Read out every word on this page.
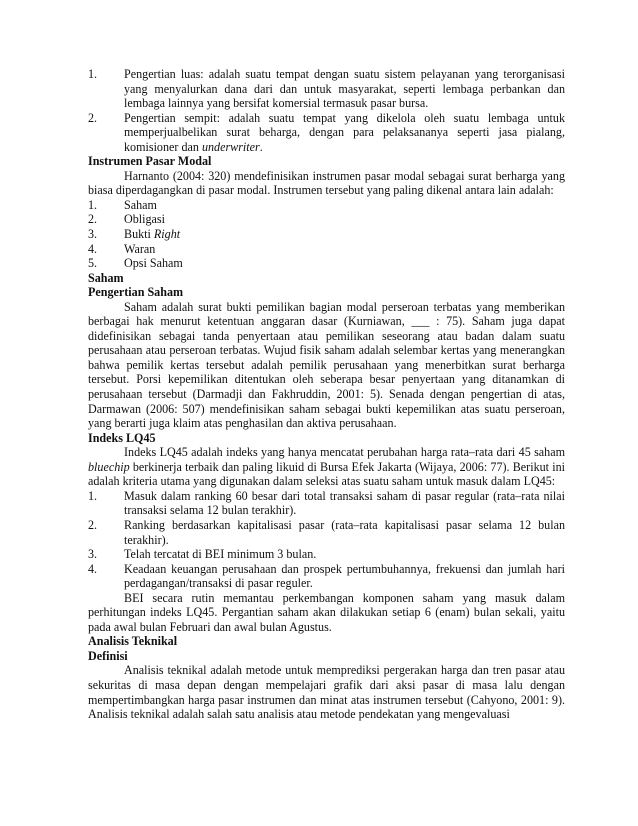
1.	Pengertian luas: adalah suatu tempat dengan suatu sistem pelayanan yang terorganisasi yang menyalurkan dana dari dan untuk masyarakat, seperti lembaga perbankan dan lembaga lainnya yang bersifat komersial termasuk pasar bursa.
2.	Pengertian sempit: adalah suatu tempat yang dikelola oleh suatu lembaga untuk memperjualbelikan surat beharga, dengan para pelaksananya seperti jasa pialang, komisioner dan underwriter.

Instrumen Pasar Modal

Harnanto (2004: 320) mendefinisikan instrumen pasar modal sebagai surat berharga yang biasa diperdagangkan di pasar modal. Instrumen tersebut yang paling dikenal antara lain adalah:

1.	Saham
2.	Obligasi
3.	Bukti Right
4.	Waran
5.	Opsi Saham

Saham

Pengertian Saham

Saham adalah surat bukti pemilikan bagian modal perseroan terbatas yang memberikan berbagai hak menurut ketentuan anggaran dasar (Kurniawan, ___ : 75). Saham juga dapat didefinisikan sebagai tanda penyertaan atau pemilikan seseorang atau badan dalam suatu perusahaan atau perseroan terbatas. Wujud fisik saham adalah selembar kertas yang menerangkan bahwa pemilik kertas tersebut adalah pemilik perusahaan yang menerbitkan surat berharga tersebut. Porsi kepemilikan ditentukan oleh seberapa besar penyertaan yang ditanamkan di perusahaan tersebut (Darmadji dan Fakhruddin, 2001: 5). Senada dengan pengertian di atas, Darmawan (2006: 507) mendefinisikan saham sebagai bukti kepemilikan atas suatu perseroan, yang berarti juga klaim atas penghasilan dan aktiva perusahaan.

Indeks LQ45

Indeks LQ45 adalah indeks yang hanya mencatat perubahan harga rata–rata dari 45 saham bluechip berkinerja terbaik dan paling likuid di Bursa Efek Jakarta (Wijaya, 2006: 77). Berikut ini adalah kriteria utama yang digunakan dalam seleksi atas suatu saham untuk masuk dalam LQ45:

1.	Masuk dalam ranking 60 besar dari total transaksi saham di pasar regular (rata–rata nilai transaksi selama 12 bulan terakhir).
2.	Ranking berdasarkan kapitalisasi pasar (rata–rata kapitalisasi pasar selama 12 bulan terakhir).
3.	Telah tercatat di BEI minimum 3 bulan.
4.	Keadaan keuangan perusahaan dan prospek pertumbuhannya, frekuensi dan jumlah hari perdagangan/transaksi di pasar reguler.

BEI secara rutin memantau perkembangan komponen saham yang masuk dalam perhitungan indeks LQ45. Pergantian saham akan dilakukan setiap 6 (enam) bulan sekali, yaitu pada awal bulan Februari dan awal bulan Agustus.

Analisis Teknikal

Definisi

Analisis teknikal adalah metode untuk memprediksi pergerakan harga dan tren pasar atau sekuritas di masa depan dengan mempelajari grafik dari aksi pasar di masa lalu dengan mempertimbangkan harga pasar instrumen dan minat atas instrumen tersebut (Cahyono, 2001: 9). Analisis teknikal adalah salah satu analisis atau metode pendekatan yang mengevaluasi
